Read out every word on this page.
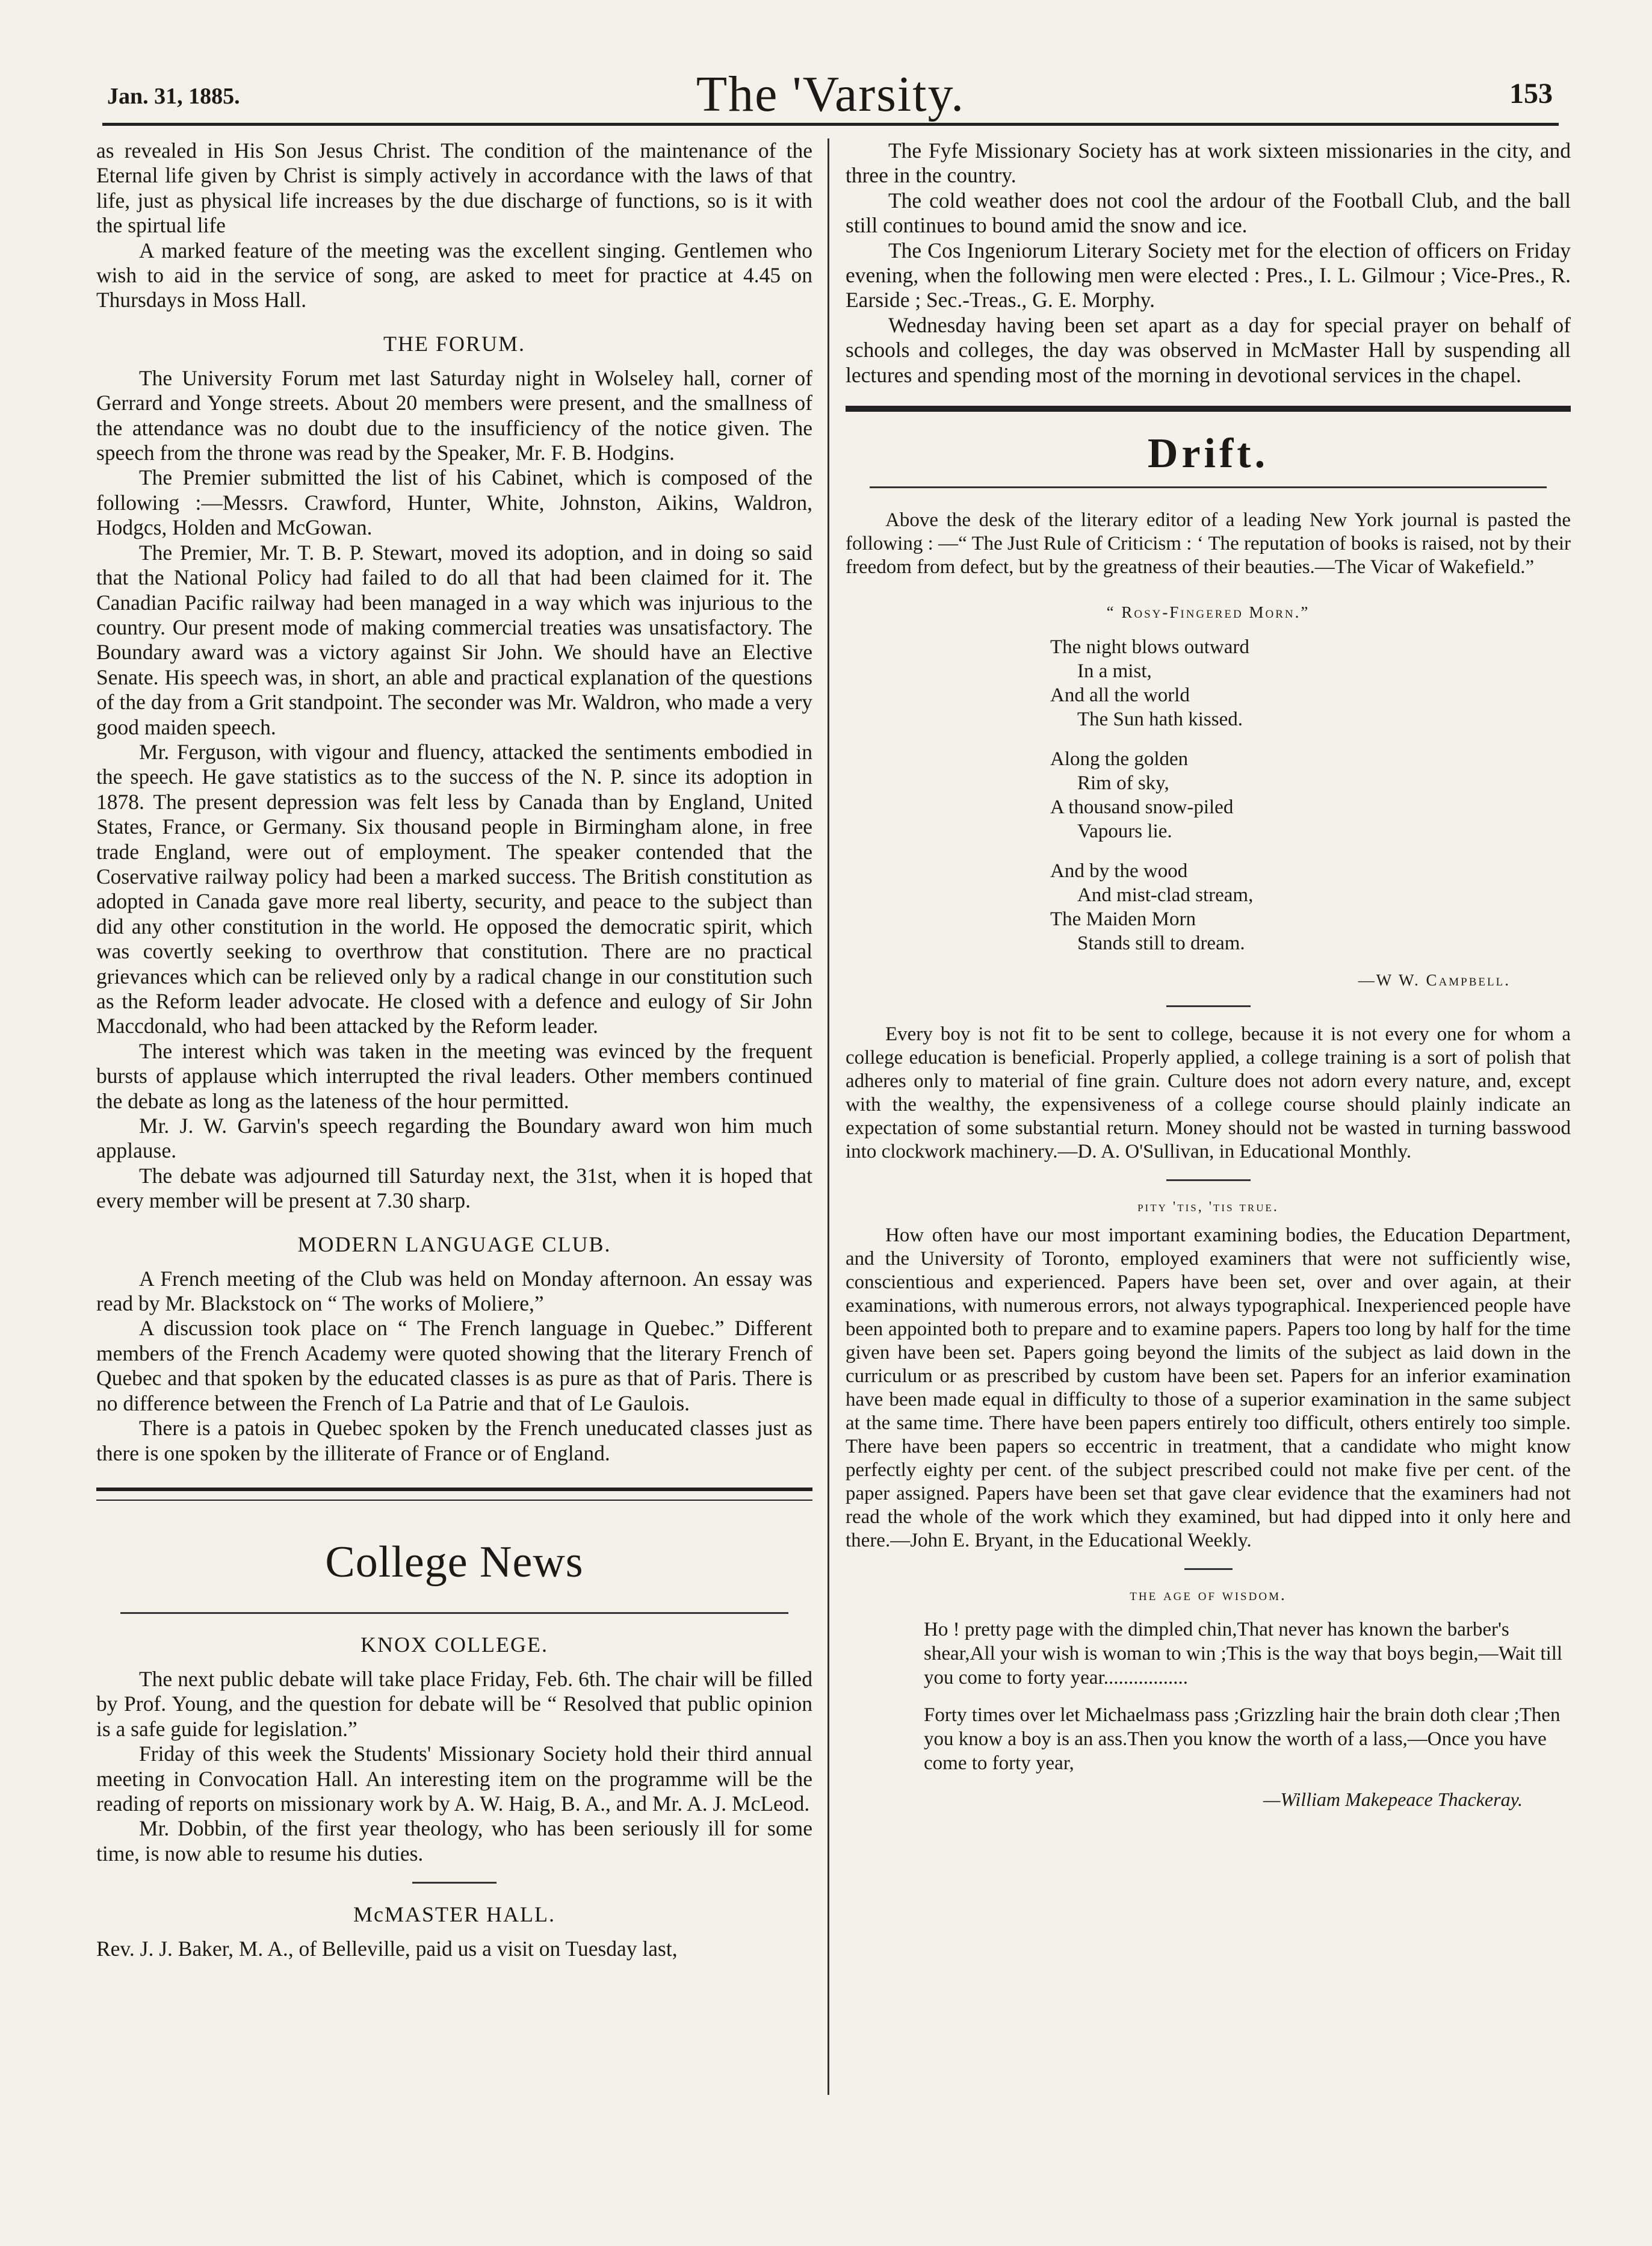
Jan. 31, 1885.	The 'Varsity.	153

as revealed in His Son Jesus Christ. The condition of the maintenance of the Eternal life given by Christ is simply actively in accordance with the laws of that life, just as physical life increases by the due discharge of functions, so is it with the spirtual life

A marked feature of the meeting was the excellent singing. Gentlemen who wish to aid in the service of song, are asked to meet for practice at 4.45 on Thursdays in Moss Hall.

THE FORUM.

The University Forum met last Saturday night in Wolseley hall, corner of Gerrard and Yonge streets. About 20 members were present, and the smallness of the attendance was no doubt due to the insufficiency of the notice given. The speech from the throne was read by the Speaker, Mr. F. B. Hodgins.

The Premier submitted the list of his Cabinet, which is composed of the following :—Messrs. Crawford, Hunter, White, Johnston, Aikins, Waldron, Hodgcs, Holden and McGowan.

The Premier, Mr. T. B. P. Stewart, moved its adoption, and in doing so said that the National Policy had failed to do all that had been claimed for it. The Canadian Pacific railway had been managed in a way which was injurious to the country. Our present mode of making commercial treaties was unsatisfactory. The Boundary award was a victory against Sir John. We should have an Elective Senate. His speech was, in short, an able and practical explanation of the questions of the day from a Grit standpoint. The seconder was Mr. Waldron, who made a very good maiden speech.

Mr. Ferguson, with vigour and fluency, attacked the sentiments embodied in the speech. He gave statistics as to the success of the N. P. since its adoption in 1878. The present depression was felt less by Canada than by England, United States, France, or Germany. Six thousand people in Birmingham alone, in free trade England, were out of employment. The speaker contended that the Coservative railway policy had been a marked success. The British constitution as adopted in Canada gave more real liberty, security, and peace to the subject than did any other constitution in the world. He opposed the democratic spirit, which was covertly seeking to overthrow that constitution. There are no practical grievances which can be relieved only by a radical change in our constitution such as the Reform leader advocate. He closed with a defence and eulogy of Sir John Maccdonald, who had been attacked by the Reform leader.

The interest which was taken in the meeting was evinced by the frequent bursts of applause which interrupted the rival leaders. Other members continued the debate as long as the lateness of the hour permitted.

Mr. J. W. Garvin's speech regarding the Boundary award won him much applause.

The debate was adjourned till Saturday next, the 31st, when it is hoped that every member will be present at 7.30 sharp.

MODERN LANGUAGE CLUB.

A French meeting of the Club was held on Monday afternoon. An essay was read by Mr. Blackstock on “ The works of Moliere,”

A discussion took place on “ The French language in Quebec.” Different members of the French Academy were quoted showing that the literary French of Quebec and that spoken by the educated classes is as pure as that of Paris. There is no difference between the French of La Patrie and that of Le Gaulois.

There is a patois in Quebec spoken by the French uneducated classes just as there is one spoken by the illiterate of France or of England.

College News
KNOX COLLEGE.

The next public debate will take place Friday, Feb. 6th. The chair will be filled by Prof. Young, and the question for debate will be “ Resolved that public opinion is a safe guide for legislation.”

Friday of this week the Students' Missionary Society hold their third annual meeting in Convocation Hall. An interesting item on the programme will be the reading of reports on missionary work by A. W. Haig, B. A., and Mr. A. J. McLeod.

Mr. Dobbin, of the first year theology, who has been seriously ill for some time, is now able to resume his duties.

McMASTER HALL.

Rev. J. J. Baker, M. A., of Belleville, paid us a visit on Tuesday last,

The Fyfe Missionary Society has at work sixteen missionaries in the city, and three in the country.

The cold weather does not cool the ardour of the Football Club, and the ball still continues to bound amid the snow and ice.

The Cos Ingeniorum Literary Society met for the election of officers on Friday evening, when the following men were elected : Pres., I. L. Gilmour ; Vice-Pres., R. Earside ; Sec.-Treas., G. E. Morphy.

Wednesday having been set apart as a day for special prayer on behalf of schools and colleges, the day was observed in McMaster Hall by suspending all lectures and spending most of the morning in devotional services in the chapel.

Drift.

Above the desk of the literary editor of a leading New York journal is pasted the following : —“ The Just Rule of Criticism : ‘ The reputation of books is raised, not by their freedom from defect, but by the greatness of their beauties.—The Vicar of Wakefield.”

“ Rosy-Fingered Morn.”
The night blows outward
In a mist,
And all the world
The Sun hath kissed.
Along the golden
Rim of sky,
A thousand snow-piled
Vapours lie.
And by the wood
And mist-clad stream,
The Maiden Morn
Stands still to dream.
—W W. Campbell.

Every boy is not fit to be sent to college, because it is not every one for whom a college education is beneficial. Properly applied, a college training is a sort of polish that adheres only to material of fine grain. Culture does not adorn every nature, and, except with the wealthy, the expensiveness of a college course should plainly indicate an expectation of some substantial return. Money should not be wasted in turning basswood into clockwork machinery.—D. A. O'Sullivan, in Educational Monthly.

pity 'tis, 'tis true.

How often have our most important examining bodies, the Education Department, and the University of Toronto, employed examiners that were not sufficiently wise, conscientious and experienced. Papers have been set, over and over again, at their examinations, with numerous errors, not always typographical. Inexperienced people have been appointed both to prepare and to examine papers. Papers too long by half for the time given have been set. Papers going beyond the limits of the subject as laid down in the curriculum or as prescribed by custom have been set. Papers for an inferior examination have been made equal in difficulty to those of a superior examination in the same subject at the same time. There have been papers entirely too difficult, others entirely too simple. There have been papers so eccentric in treatment, that a candidate who might know perfectly eighty per cent. of the subject prescribed could not make five per cent. of the paper assigned. Papers have been set that gave clear evidence that the examiners had not read the whole of the work which they examined, but had dipped into it only here and there.—John E. Bryant, in the Educational Weekly.

the age of wisdom.
Ho ! pretty page with the dimpled chin,That never has known the barber's shear,All your wish is woman to win ;This is the way that boys begin,—Wait till you come to forty year.................
Forty times over let Michaelmass pass ;Grizzling hair the brain doth clear ;Then you know a boy is an ass.Then you know the worth of a lass,—Once you have come to forty year,
—William Makepeace Thackeray.
